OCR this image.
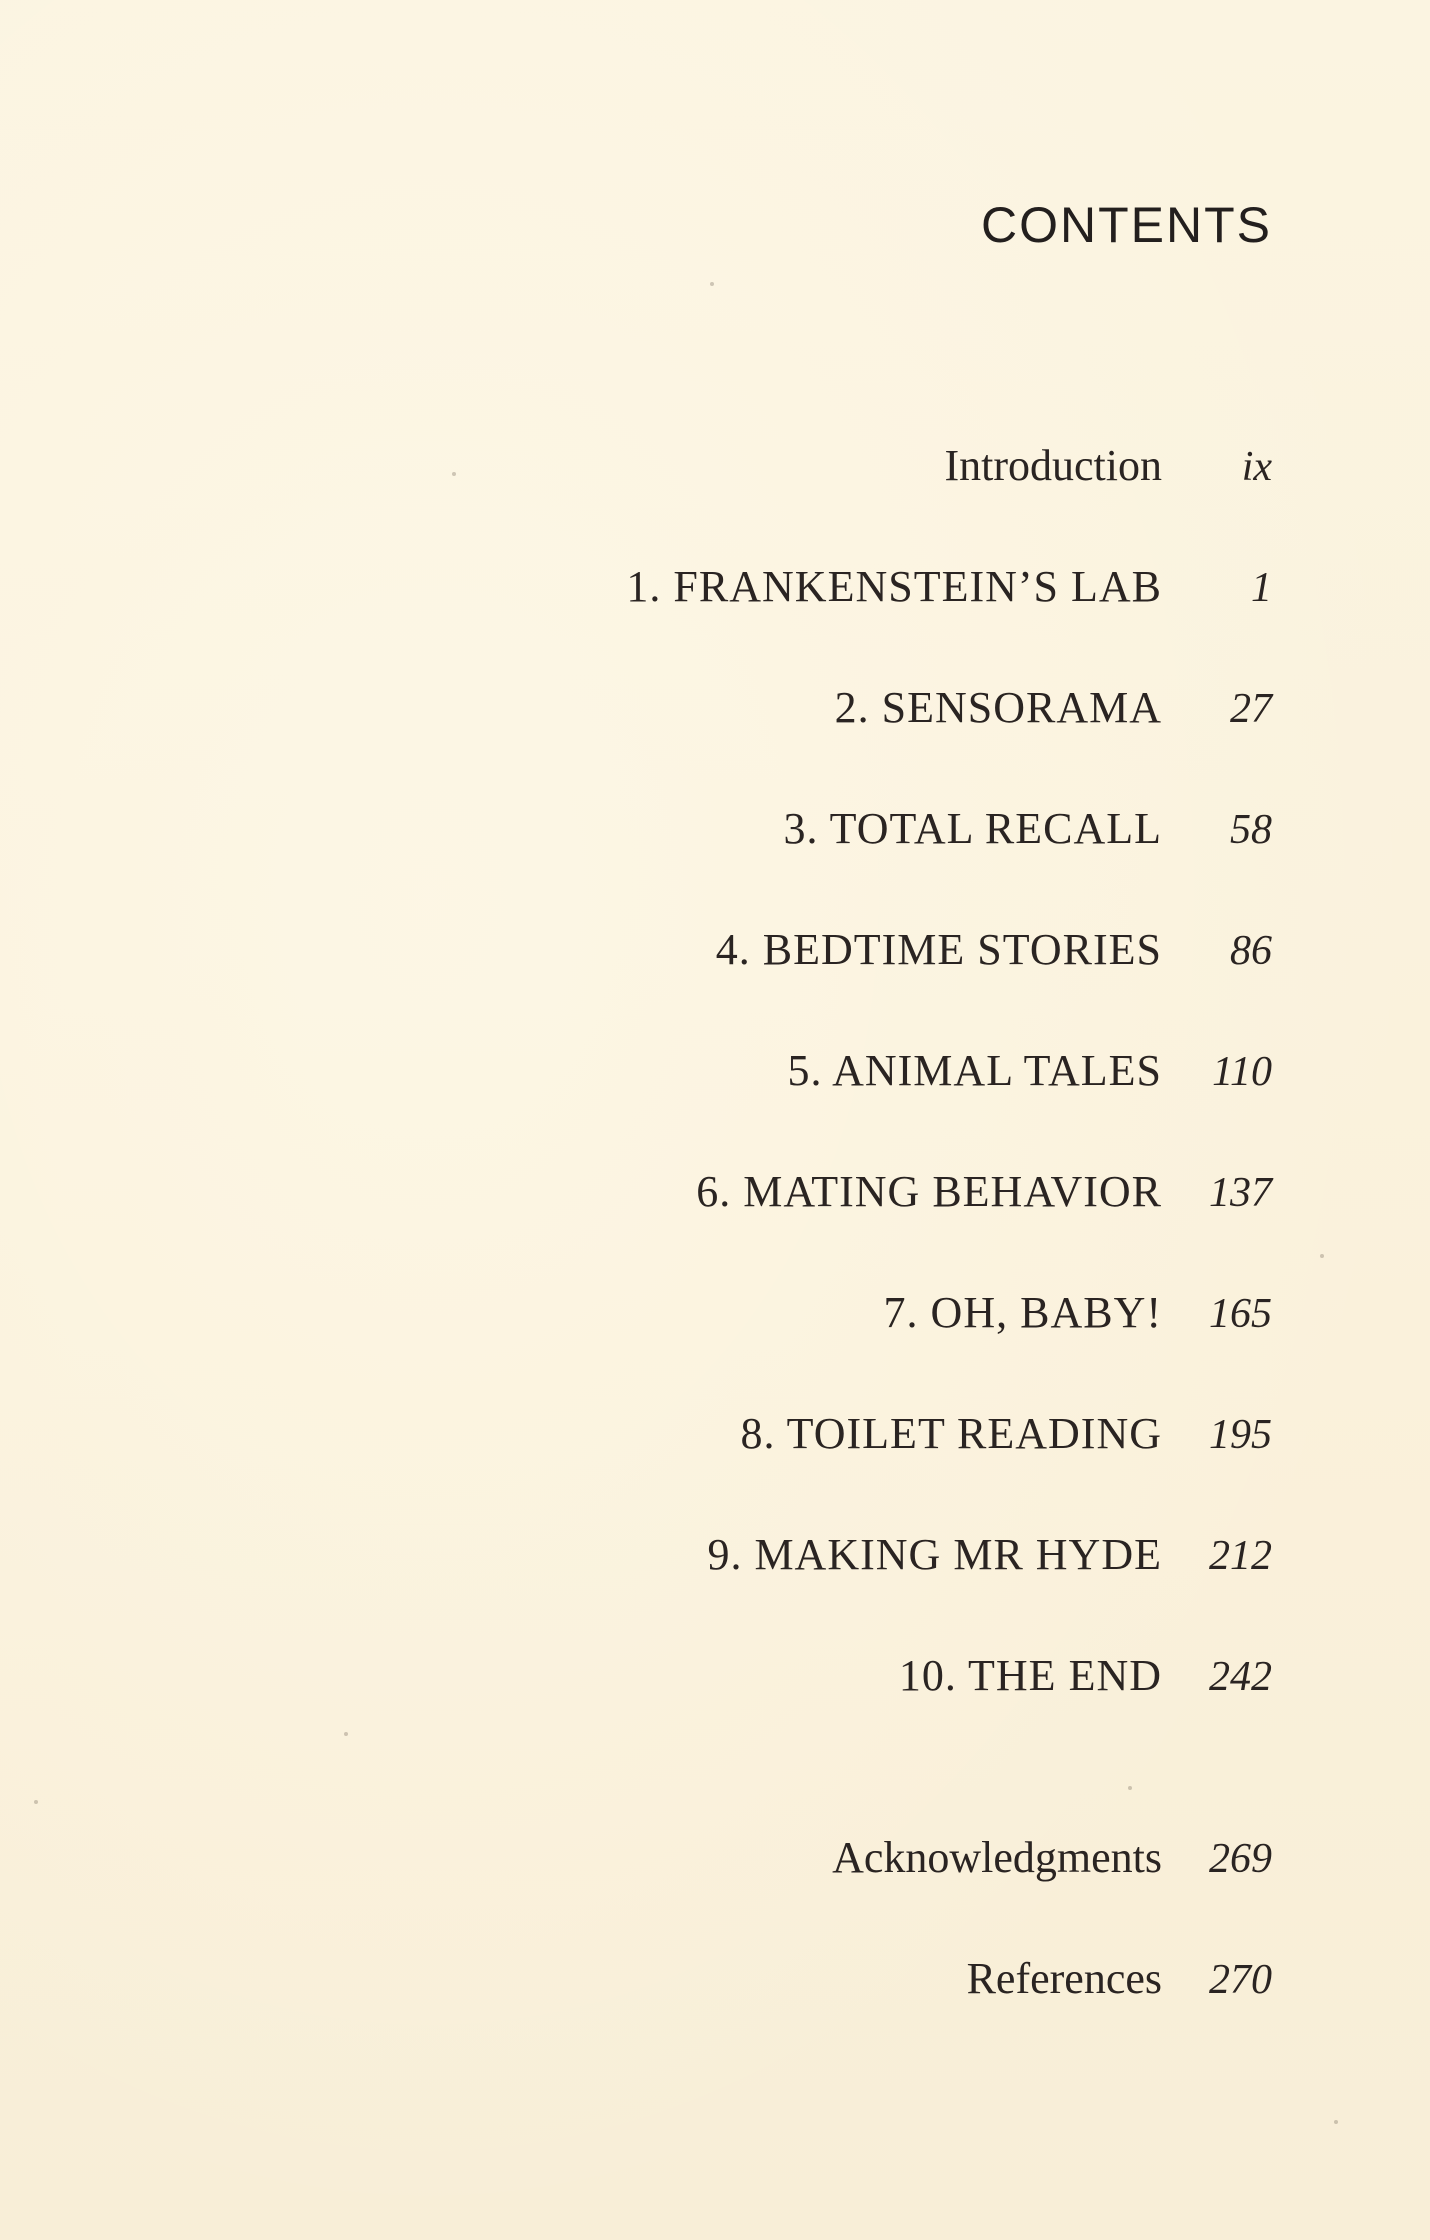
CONTENTS
Introduction	ix
1. FRANKENSTEIN’S LAB	1
2. SENSORAMA	27
3. TOTAL RECALL	58
4. BEDTIME STORIES	86
5. ANIMAL TALES	110
6. MATING BEHAVIOR	137
7. OH, BABY!	165
8. TOILET READING	195
9. MAKING MR HYDE	212
10. THE END	242
Acknowledgments	269
References	270
